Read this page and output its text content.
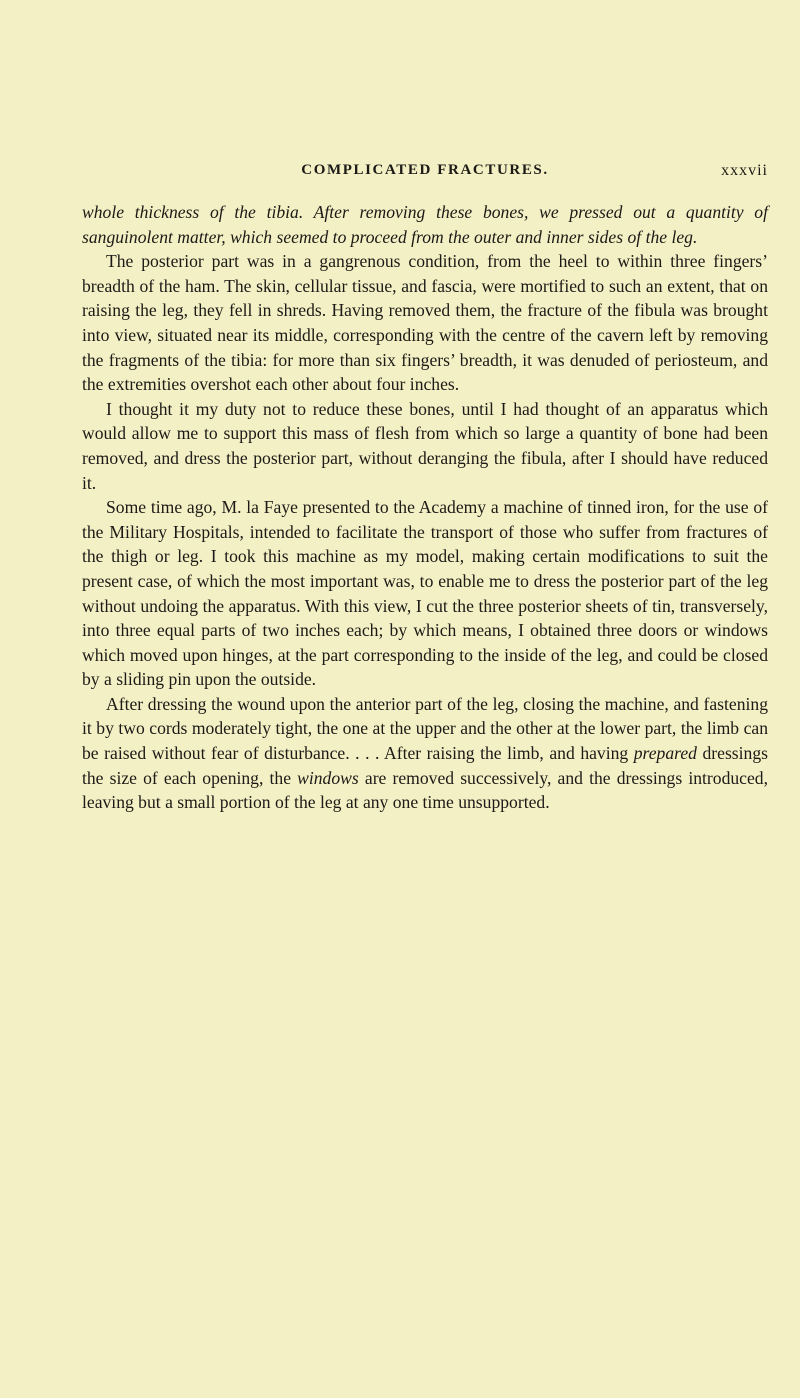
COMPLICATED FRACTURES.	xxxvii

whole thickness of the tibia. After removing these bones, we pressed out a quantity of sanguinolent matter, which seemed to proceed from the outer and inner sides of the leg.

The posterior part was in a gangrenous condition, from the heel to within three fingers’ breadth of the ham. The skin, cellular tissue, and fascia, were mortified to such an extent, that on raising the leg, they fell in shreds. Having removed them, the fracture of the fibula was brought into view, situated near its middle, corresponding with the centre of the cavern left by removing the fragments of the tibia: for more than six fingers’ breadth, it was denuded of periosteum, and the extremities overshot each other about four inches.

I thought it my duty not to reduce these bones, until I had thought of an apparatus which would allow me to support this mass of flesh from which so large a quantity of bone had been removed, and dress the posterior part, without deranging the fibula, after I should have reduced it.

Some time ago, M. la Faye presented to the Academy a machine of tinned iron, for the use of the Military Hospitals, intended to facilitate the transport of those who suffer from fractures of the thigh or leg. I took this machine as my model, making certain modifications to suit the present case, of which the most important was, to enable me to dress the posterior part of the leg without undoing the apparatus. With this view, I cut the three posterior sheets of tin, transversely, into three equal parts of two inches each; by which means, I obtained three doors or windows which moved upon hinges, at the part corresponding to the inside of the leg, and could be closed by a sliding pin upon the outside.

After dressing the wound upon the anterior part of the leg, closing the machine, and fastening it by two cords moderately tight, the one at the upper and the other at the lower part, the limb can be raised without fear of disturbance. . . . After raising the limb, and having prepared dressings the size of each opening, the windows are removed successively, and the dressings introduced, leaving but a small portion of the leg at any one time unsupported.
